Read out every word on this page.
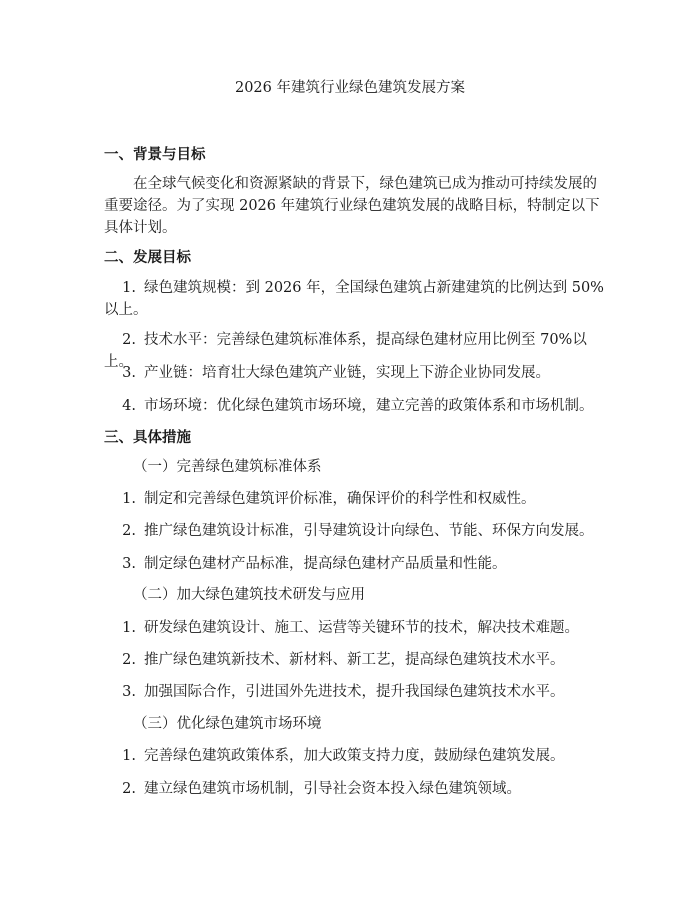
2026 年建筑行业绿色建筑发展方案
一、背景与目标
在全球气候变化和资源紧缺的背景下，绿色建筑已成为推动可持续发展的重要途径。为了实现 2026 年建筑行业绿色建筑发展的战略目标，特制定以下具体计划。
二、发展目标
1. 绿色建筑规模：到 2026 年，全国绿色建筑占新建建筑的比例达到 50%以上。
2. 技术水平：完善绿色建筑标准体系，提高绿色建材应用比例至 70%以上。
3. 产业链：培育壮大绿色建筑产业链，实现上下游企业协同发展。
4. 市场环境：优化绿色建筑市场环境，建立完善的政策体系和市场机制。
三、具体措施
（一）完善绿色建筑标准体系
1. 制定和完善绿色建筑评价标准，确保评价的科学性和权威性。
2. 推广绿色建筑设计标准，引导建筑设计向绿色、节能、环保方向发展。
3. 制定绿色建材产品标准，提高绿色建材产品质量和性能。
（二）加大绿色建筑技术研发与应用
1. 研发绿色建筑设计、施工、运营等关键环节的技术，解决技术难题。
2. 推广绿色建筑新技术、新材料、新工艺，提高绿色建筑技术水平。
3. 加强国际合作，引进国外先进技术，提升我国绿色建筑技术水平。
（三）优化绿色建筑市场环境
1. 完善绿色建筑政策体系，加大政策支持力度，鼓励绿色建筑发展。
2. 建立绿色建筑市场机制，引导社会资本投入绿色建筑领域。
